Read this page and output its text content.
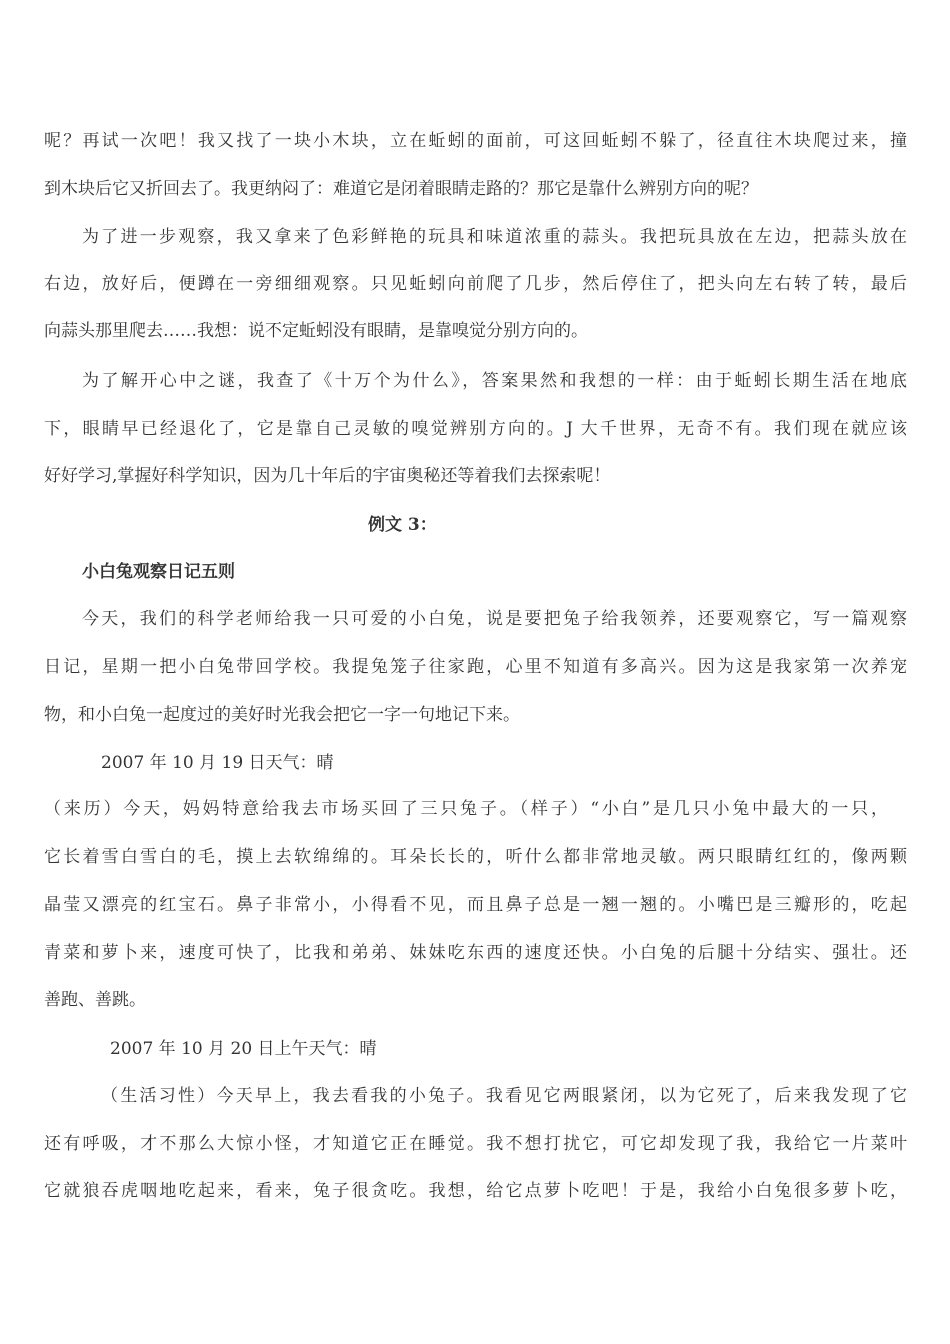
呢？再试一次吧！我又找了一块小木块，立在蚯蚓的面前，可这回蚯蚓不躲了，径直往木块爬过来，撞
到木块后它又折回去了。我更纳闷了：难道它是闭着眼睛走路的？那它是靠什么辨别方向的呢？
为了进一步观察，我又拿来了色彩鲜艳的玩具和味道浓重的蒜头。我把玩具放在左边，把蒜头放在
右边，放好后，便蹲在一旁细细观察。只见蚯蚓向前爬了几步，然后停住了，把头向左右转了转，最后
向蒜头那里爬去……我想：说不定蚯蚓没有眼睛，是靠嗅觉分别方向的。
为了解开心中之谜，我查了《十万个为什么》，答案果然和我想的一样：由于蚯蚓长期生活在地底
下，眼睛早已经退化了，它是靠自己灵敏的嗅觉辨别方向的。J 大千世界，无奇不有。我们现在就应该
好好学习,掌握好科学知识，因为几十年后的宇宙奥秘还等着我们去探索呢！
例文 3：
小白兔观察日记五则
今天，我们的科学老师给我一只可爱的小白兔，说是要把兔子给我领养，还要观察它，写一篇观察
日记，星期一把小白兔带回学校。我提兔笼子往家跑，心里不知道有多高兴。因为这是我家第一次养宠
物，和小白兔一起度过的美好时光我会把它一字一句地记下来。
2007 年 10 月 19 日天气：晴
（来历）今天，妈妈特意给我去市场买回了三只兔子。（样子）“小白”是几只小兔中最大的一只，
它长着雪白雪白的毛，摸上去软绵绵的。耳朵长长的，听什么都非常地灵敏。两只眼睛红红的，像两颗
晶莹又漂亮的红宝石。鼻子非常小，小得看不见，而且鼻子总是一翘一翘的。小嘴巴是三瓣形的，吃起
青菜和萝卜来，速度可快了，比我和弟弟、妹妹吃东西的速度还快。小白兔的后腿十分结实、强壮。还
善跑、善跳。
2007 年 10 月 20 日上午天气：晴
（生活习性）今天早上，我去看我的小兔子。我看见它两眼紧闭，以为它死了，后来我发现了它
还有呼吸，才不那么大惊小怪，才知道它正在睡觉。我不想打扰它，可它却发现了我，我给它一片菜叶
它就狼吞虎咽地吃起来，看来，兔子很贪吃。我想，给它点萝卜吃吧！于是，我给小白兔很多萝卜吃，
